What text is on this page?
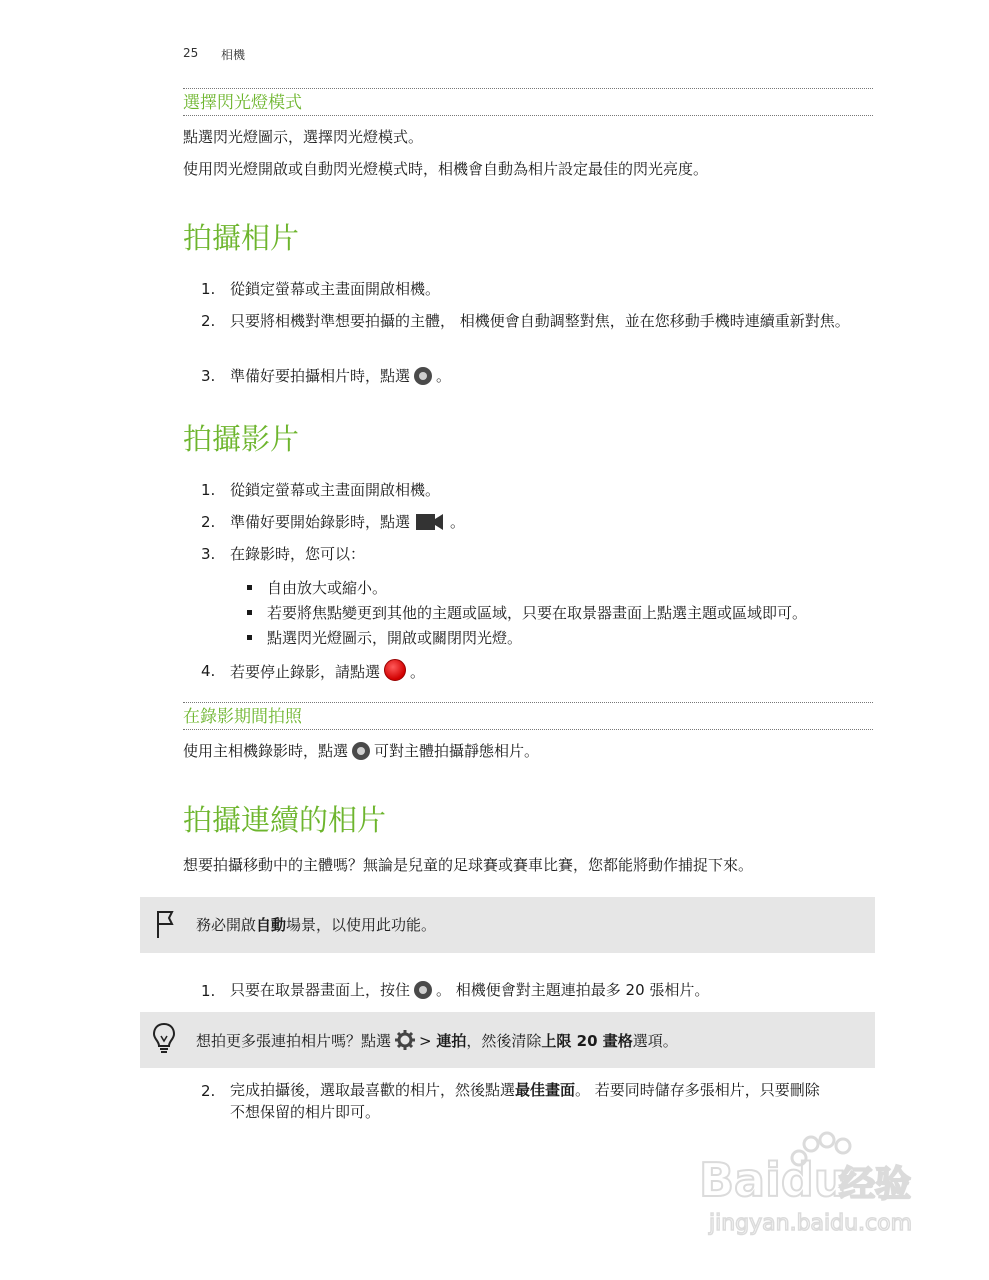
25 相機
選擇閃光燈模式
點選閃光燈圖示，選擇閃光燈模式。
使用閃光燈開啟或自動閃光燈模式時，相機會自動為相片設定最佳的閃光亮度。
拍攝相片
1. 從鎖定螢幕或主畫面開啟相機。
2. 只要將相機對準想要拍攝的主體， 相機便會自動調整對焦，並在您移動手機時連續重新對焦。
3. 準備好要拍攝相片時，點選 。
拍攝影片
1. 從鎖定螢幕或主畫面開啟相機。
2. 準備好要開始錄影時，點選	。
3. 在錄影時，您可以：
自由放大或縮小。
若要將焦點變更到其他的主題或區域，只要在取景器畫面上點選主題或區域即可。
點選閃光燈圖示，開啟或關閉閃光燈。
4. 若要停止錄影，請點選 。
在錄影期間拍照
使用主相機錄影時，點選 可對主體拍攝靜態相片。
拍攝連續的相片
想要拍攝移動中的主體嗎？無論是兒童的足球賽或賽車比賽，您都能將動作捕捉下來。
務必開啟自動場景，以使用此功能。
1. 只要在取景器畫面上，按住 。 相機便會對主題連拍最多 20 張相片。
想拍更多張連拍相片嗎？點選 > 連拍，然後清除上限 20 畫格選項。
2. 完成拍攝後，選取最喜歡的相片，然後點選最佳畫面。 若要同時儲存多張相片，只要刪除
不想保留的相片即可。
Baidu
经验
jingyan.baidu.com
